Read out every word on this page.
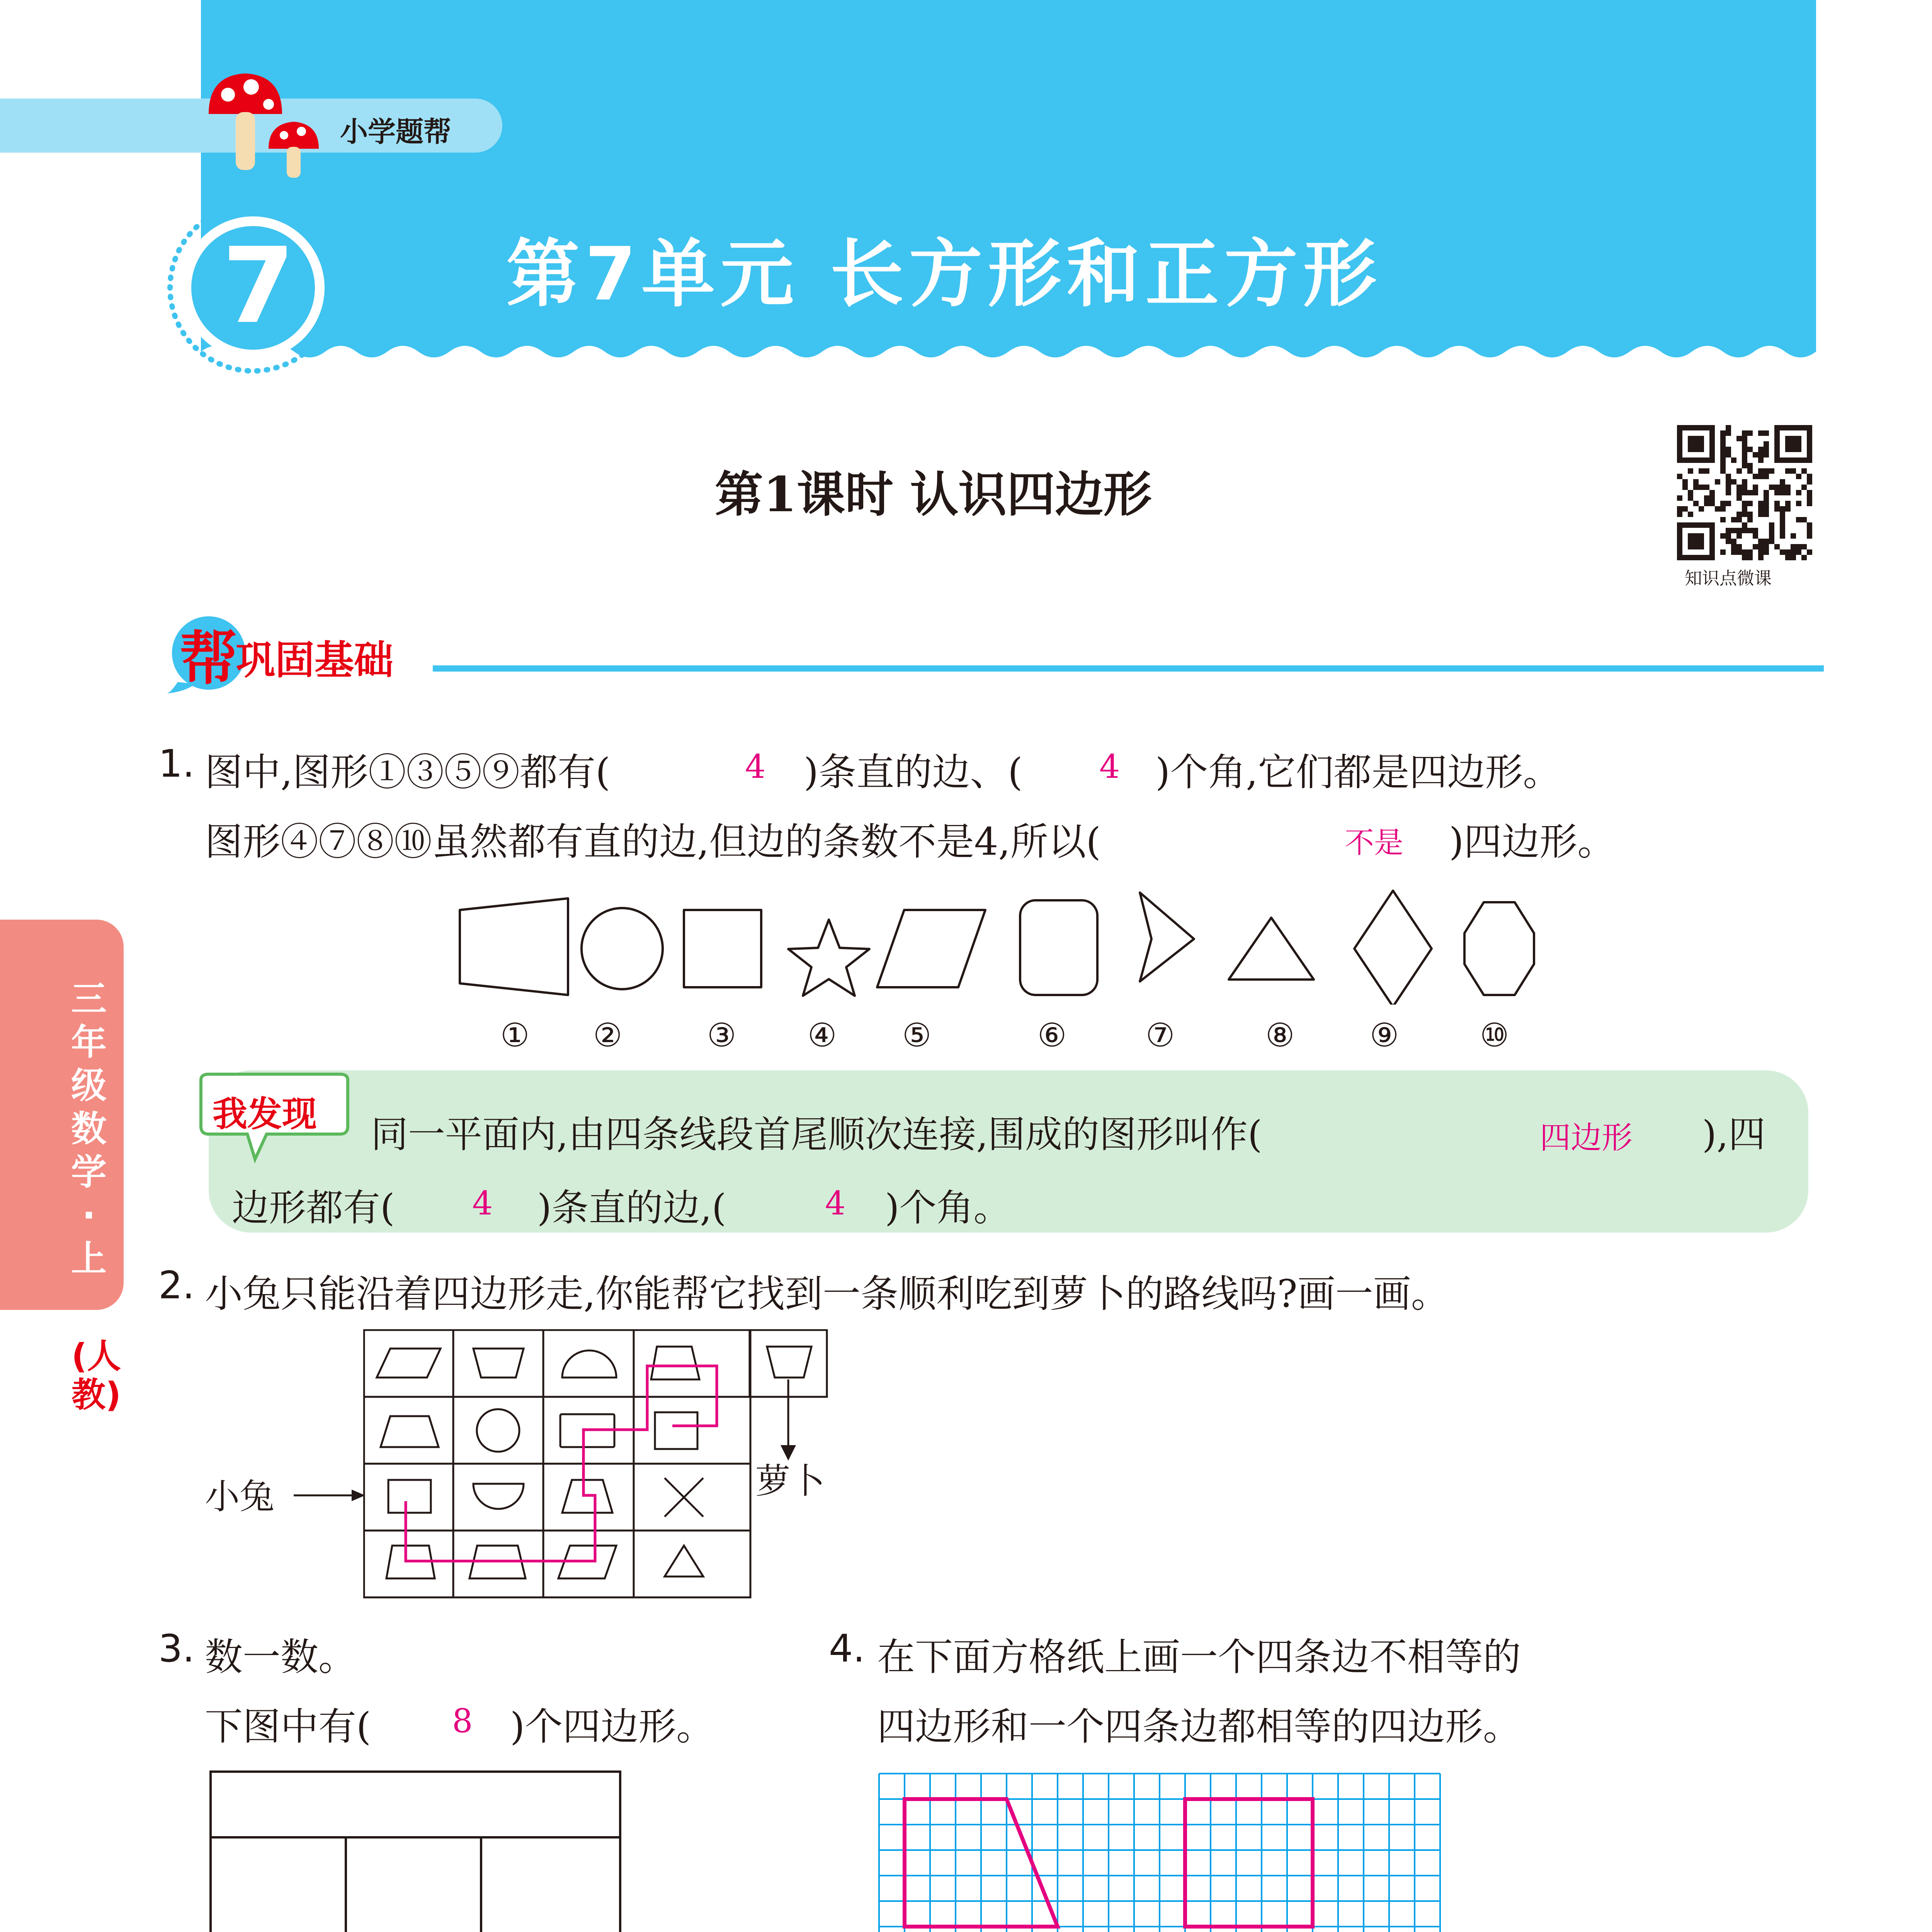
小学题帮
7	第7单元 长方形和正方形
第1课时 认识四边形
知识点微课
帮
巩固基础
三年级数学·上
(人教)
1. 图中,图形①③⑤⑨都有(	4 )条直的边、( 4 )个角,它们都是四边形。
图形④⑦⑧⑩虽然都有直的边,但边的条数不是4,所以(	不是 )四边形。
① ②	③ ④ ⑤	⑥ ⑦	⑧ ⑨ ⑩
我发现 同一平面内,由四条线段首尾顺次连接,围成的图形叫作(	四边形 ),四
边形都有( 4 )条直的边,(	4 )个角。
2. 小兔只能沿着四边形走,你能帮它找到一条顺利吃到萝卜的路线吗?画一画。
小兔	萝卜
3. 数一数。
下图中有( 8 )个四边形。
4. 在下面方格纸上画一个四条边不相等的
四边形和一个四条边都相等的四边形。
